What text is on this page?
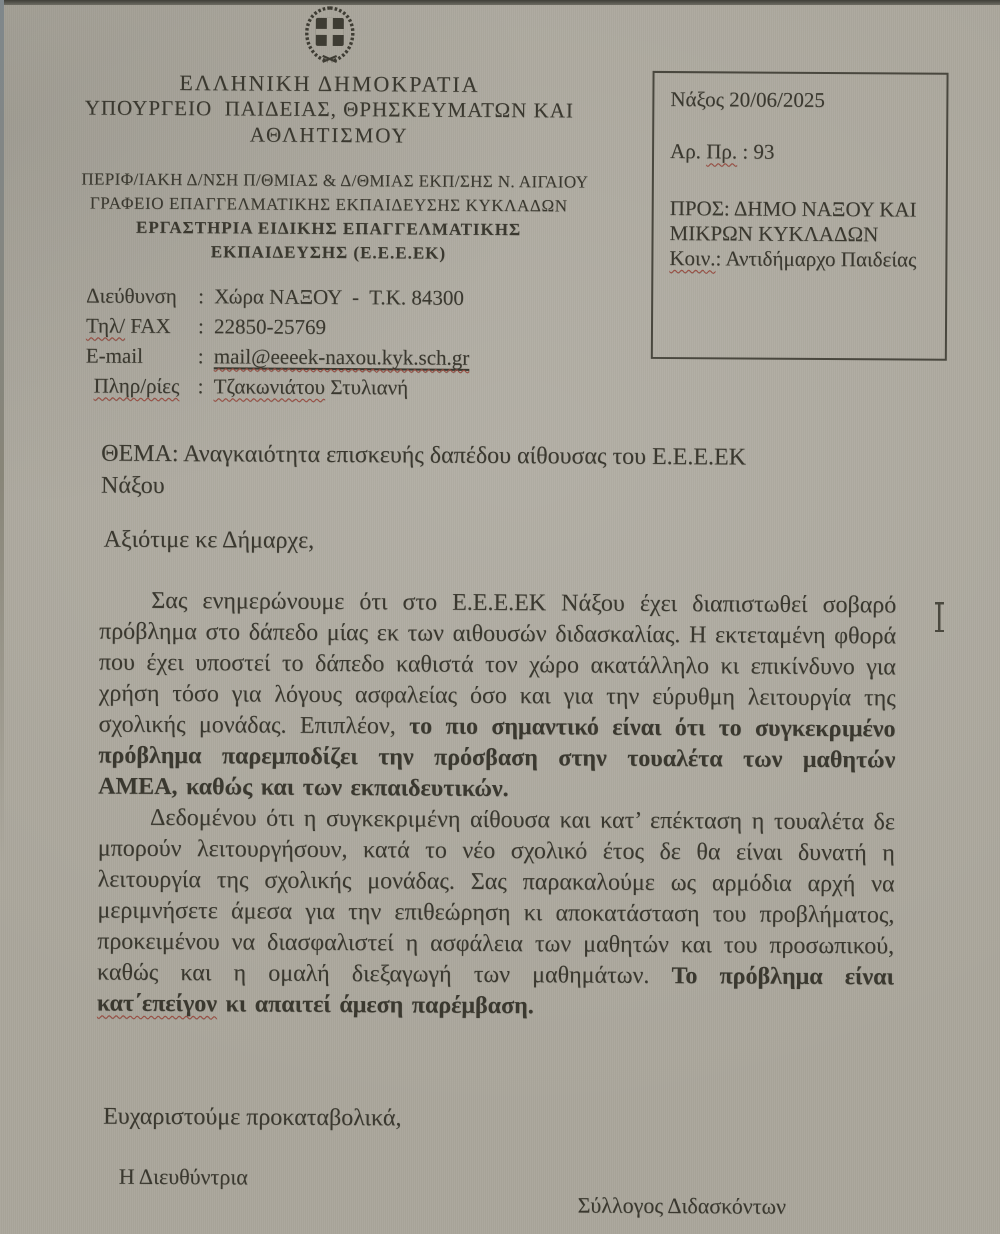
ΕΛΛΗΝΙΚΗ ΔΗΜΟΚΡΑΤΙΑ
ΥΠΟΥΡΓΕΙΟ  ΠΑΙΔΕΙΑΣ, ΘΡΗΣΚΕΥΜΑΤΩΝ ΚΑΙ
ΑΘΛΗΤΙΣΜΟΥ
ΠΕΡΙΦ/ΙΑΚΗ Δ/ΝΣΗ Π/ΘΜΙΑΣ & Δ/ΘΜΙΑΣ ΕΚΠ/ΣΗΣ Ν. ΑΙΓΑΙΟΥ
ΓΡΑΦΕΙΟ ΕΠΑΓΓΕΛΜΑΤΙΚΗΣ ΕΚΠΑΙΔΕΥΣΗΣ ΚΥΚΛΑΔΩΝ
ΕΡΓΑΣΤΗΡΙΑ ΕΙΔΙΚΗΣ ΕΠΑΓΓΕΛΜΑΤΙΚΗΣ
ΕΚΠΑΙΔΕΥΣΗΣ (Ε.Ε.Ε.ΕΚ)
Διεύθυνση	: Χώρα ΝΑΞΟΥ  -  Τ.Κ. 84300
Τηλ/ FAX	: 22850-25769
E-mail	: mail@eeeek-naxou.kyk.sch.gr
Πληρ/ρίες : Τζακωνιάτου Στυλιανή
Νάξος 20/06/2025
Αρ. Πρ. : 93
ΠΡΟΣ: ΔΗΜΟ ΝΑΞΟΥ ΚΑΙ ΜΙΚΡΩΝ ΚΥΚΛΑΔΩΝ
Κοιν.: Αντιδήμαρχο Παιδείας
ΘΕΜΑ: Αναγκαιότητα επισκευής δαπέδου αίθουσας του Ε.Ε.Ε.ΕΚ Νάξου
Αξιότιμε κε Δήμαρχε,

Σας ενημερώνουμε ότι στο Ε.Ε.Ε.ΕΚ Νάξου έχει διαπιστωθεί σοβαρό πρόβλημα στο δάπεδο μίας εκ των αιθουσών διδασκαλίας. Η εκτεταμένη φθορά που έχει υποστεί το δάπεδο καθιστά τον χώρο ακατάλληλο κι επικίνδυνο για χρήση τόσο για λόγους ασφαλείας όσο και για την εύρυθμη λειτουργία της σχολικής μονάδας. Επιπλέον, το πιο σημαντικό είναι ότι το συγκεκριμένο πρόβλημα παρεμποδίζει την πρόσβαση στην τουαλέτα των μαθητών ΑΜΕΑ, καθώς και των εκπαιδευτικών.

Δεδομένου ότι η συγκεκριμένη αίθουσα και κατ’ επέκταση η τουαλέτα δε μπορούν λειτουργήσουν, κατά το νέο σχολικό έτος δε θα είναι δυνατή η λειτουργία της σχολικής μονάδας. Σας παρακαλούμε ως αρμόδια αρχή να μεριμνήσετε άμεσα για την επιθεώρηση κι αποκατάσταση του προβλήματος, προκειμένου να διασφαλιστεί η ασφάλεια των μαθητών και του προσωπικού, καθώς και η ομαλή διεξαγωγή των μαθημάτων. Το πρόβλημα είναι κατ΄επείγον κι απαιτεί άμεση παρέμβαση.

Ευχαριστούμε προκαταβολικά,
Η Διευθύντρια
Σύλλογος Διδασκόντων
